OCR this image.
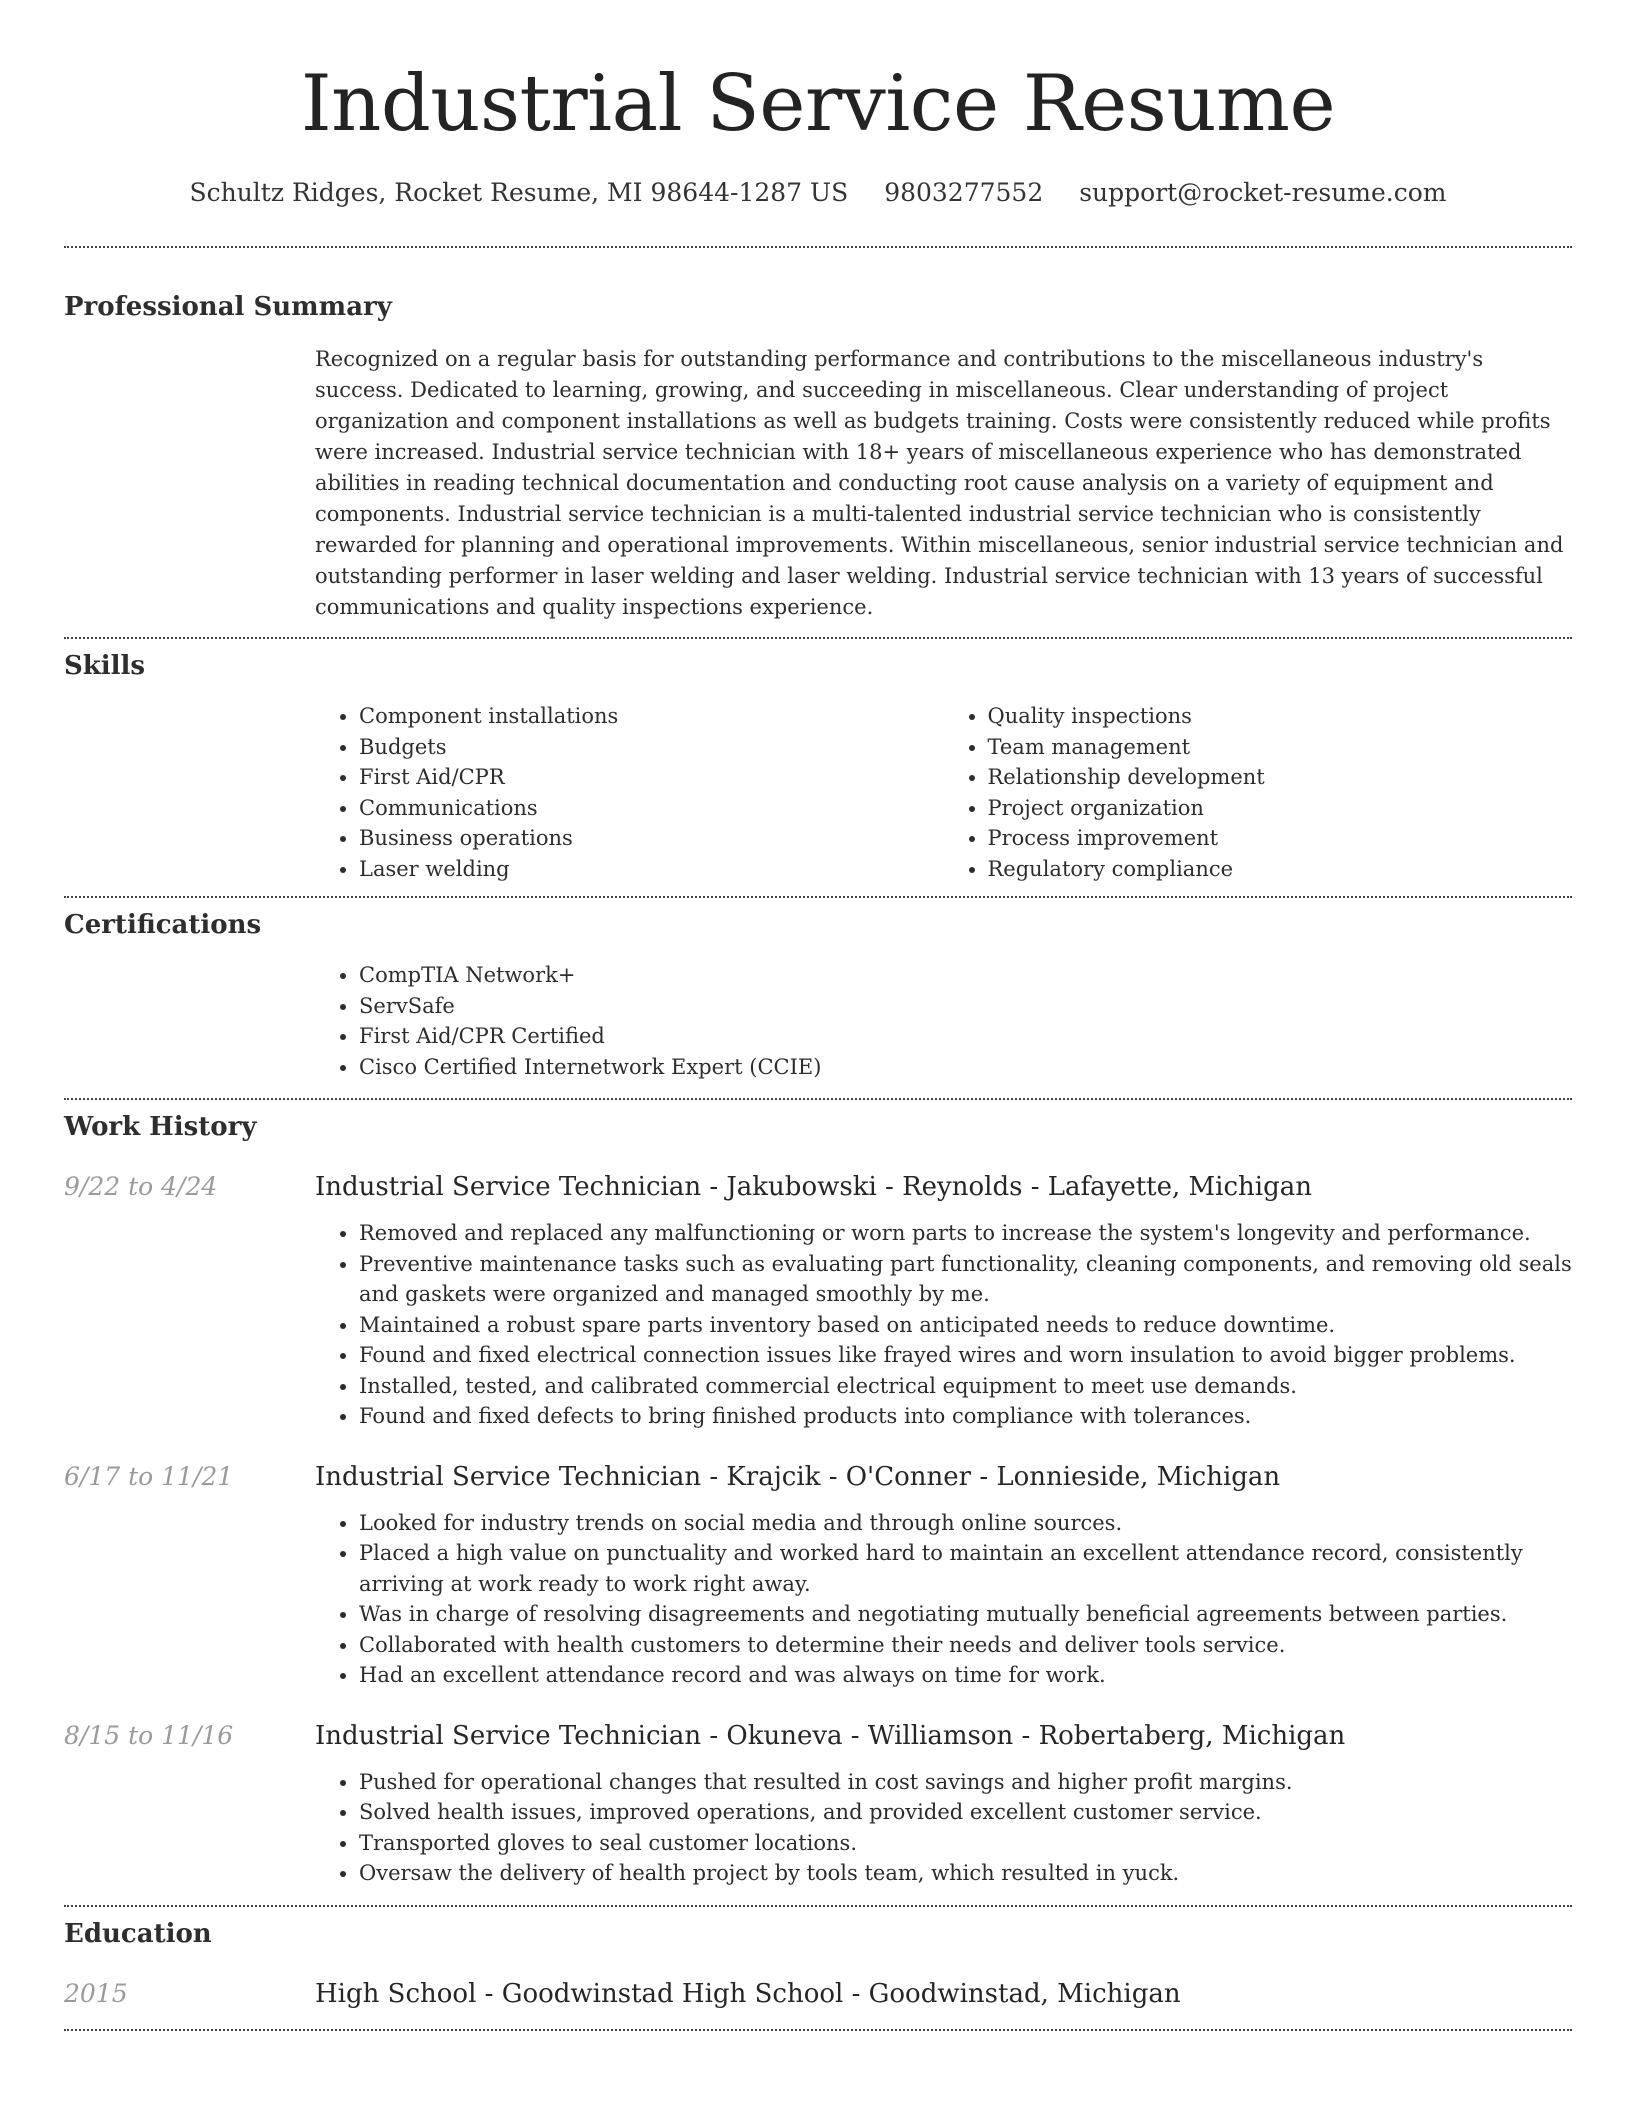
Industrial Service Resume
Schultz Ridges, Rocket Resume, MI 98644-1287 US 9803277552 support@rocket-resume.com
Professional Summary

Recognized on a regular basis for outstanding performance and contributions to the miscellaneous industry's success. Dedicated to learning, growing, and succeeding in miscellaneous. Clear understanding of project organization and component installations as well as budgets training. Costs were consistently reduced while profits were increased. Industrial service technician with 18+ years of miscellaneous experience who has demonstrated abilities in reading technical documentation and conducting root cause analysis on a variety of equipment and components. Industrial service technician is a multi-talented industrial service technician who is consistently rewarded for planning and operational improvements. Within miscellaneous, senior industrial service technician and outstanding performer in laser welding and laser welding. Industrial service technician with 13 years of successful communications and quality inspections experience.

Skills
• Component installations
• Budgets
• First Aid/CPR
• Communications
• Business operations
• Laser welding
• Quality inspections
• Team management
• Relationship development
• Project organization
• Process improvement
• Regulatory compliance
Certifications
• CompTIA Network+
• ServSafe
• First Aid/CPR Certified
• Cisco Certified Internetwork Expert (CCIE)
Work History
9/22 to 4/24	Industrial Service Technician - Jakubowski - Reynolds - Lafayette, Michigan
• Removed and replaced any malfunctioning or worn parts to increase the system's longevity and performance.
• Preventive maintenance tasks such as evaluating part functionality, cleaning components, and removing old seals and gaskets were organized and managed smoothly by me.
• Maintained a robust spare parts inventory based on anticipated needs to reduce downtime.
• Found and fixed electrical connection issues like frayed wires and worn insulation to avoid bigger problems.
• Installed, tested, and calibrated commercial electrical equipment to meet use demands.
• Found and fixed defects to bring finished products into compliance with tolerances.
6/17 to 11/21	Industrial Service Technician - Krajcik - O'Conner - Lonnieside, Michigan
• Looked for industry trends on social media and through online sources.
• Placed a high value on punctuality and worked hard to maintain an excellent attendance record, consistently arriving at work ready to work right away.
• Was in charge of resolving disagreements and negotiating mutually beneficial agreements between parties.
• Collaborated with health customers to determine their needs and deliver tools service.
• Had an excellent attendance record and was always on time for work.
8/15 to 11/16	Industrial Service Technician - Okuneva - Williamson - Robertaberg, Michigan
• Pushed for operational changes that resulted in cost savings and higher profit margins.
• Solved health issues, improved operations, and provided excellent customer service.
• Transported gloves to seal customer locations.
• Oversaw the delivery of health project by tools team, which resulted in yuck.
Education
2015	High School - Goodwinstad High School - Goodwinstad, Michigan
